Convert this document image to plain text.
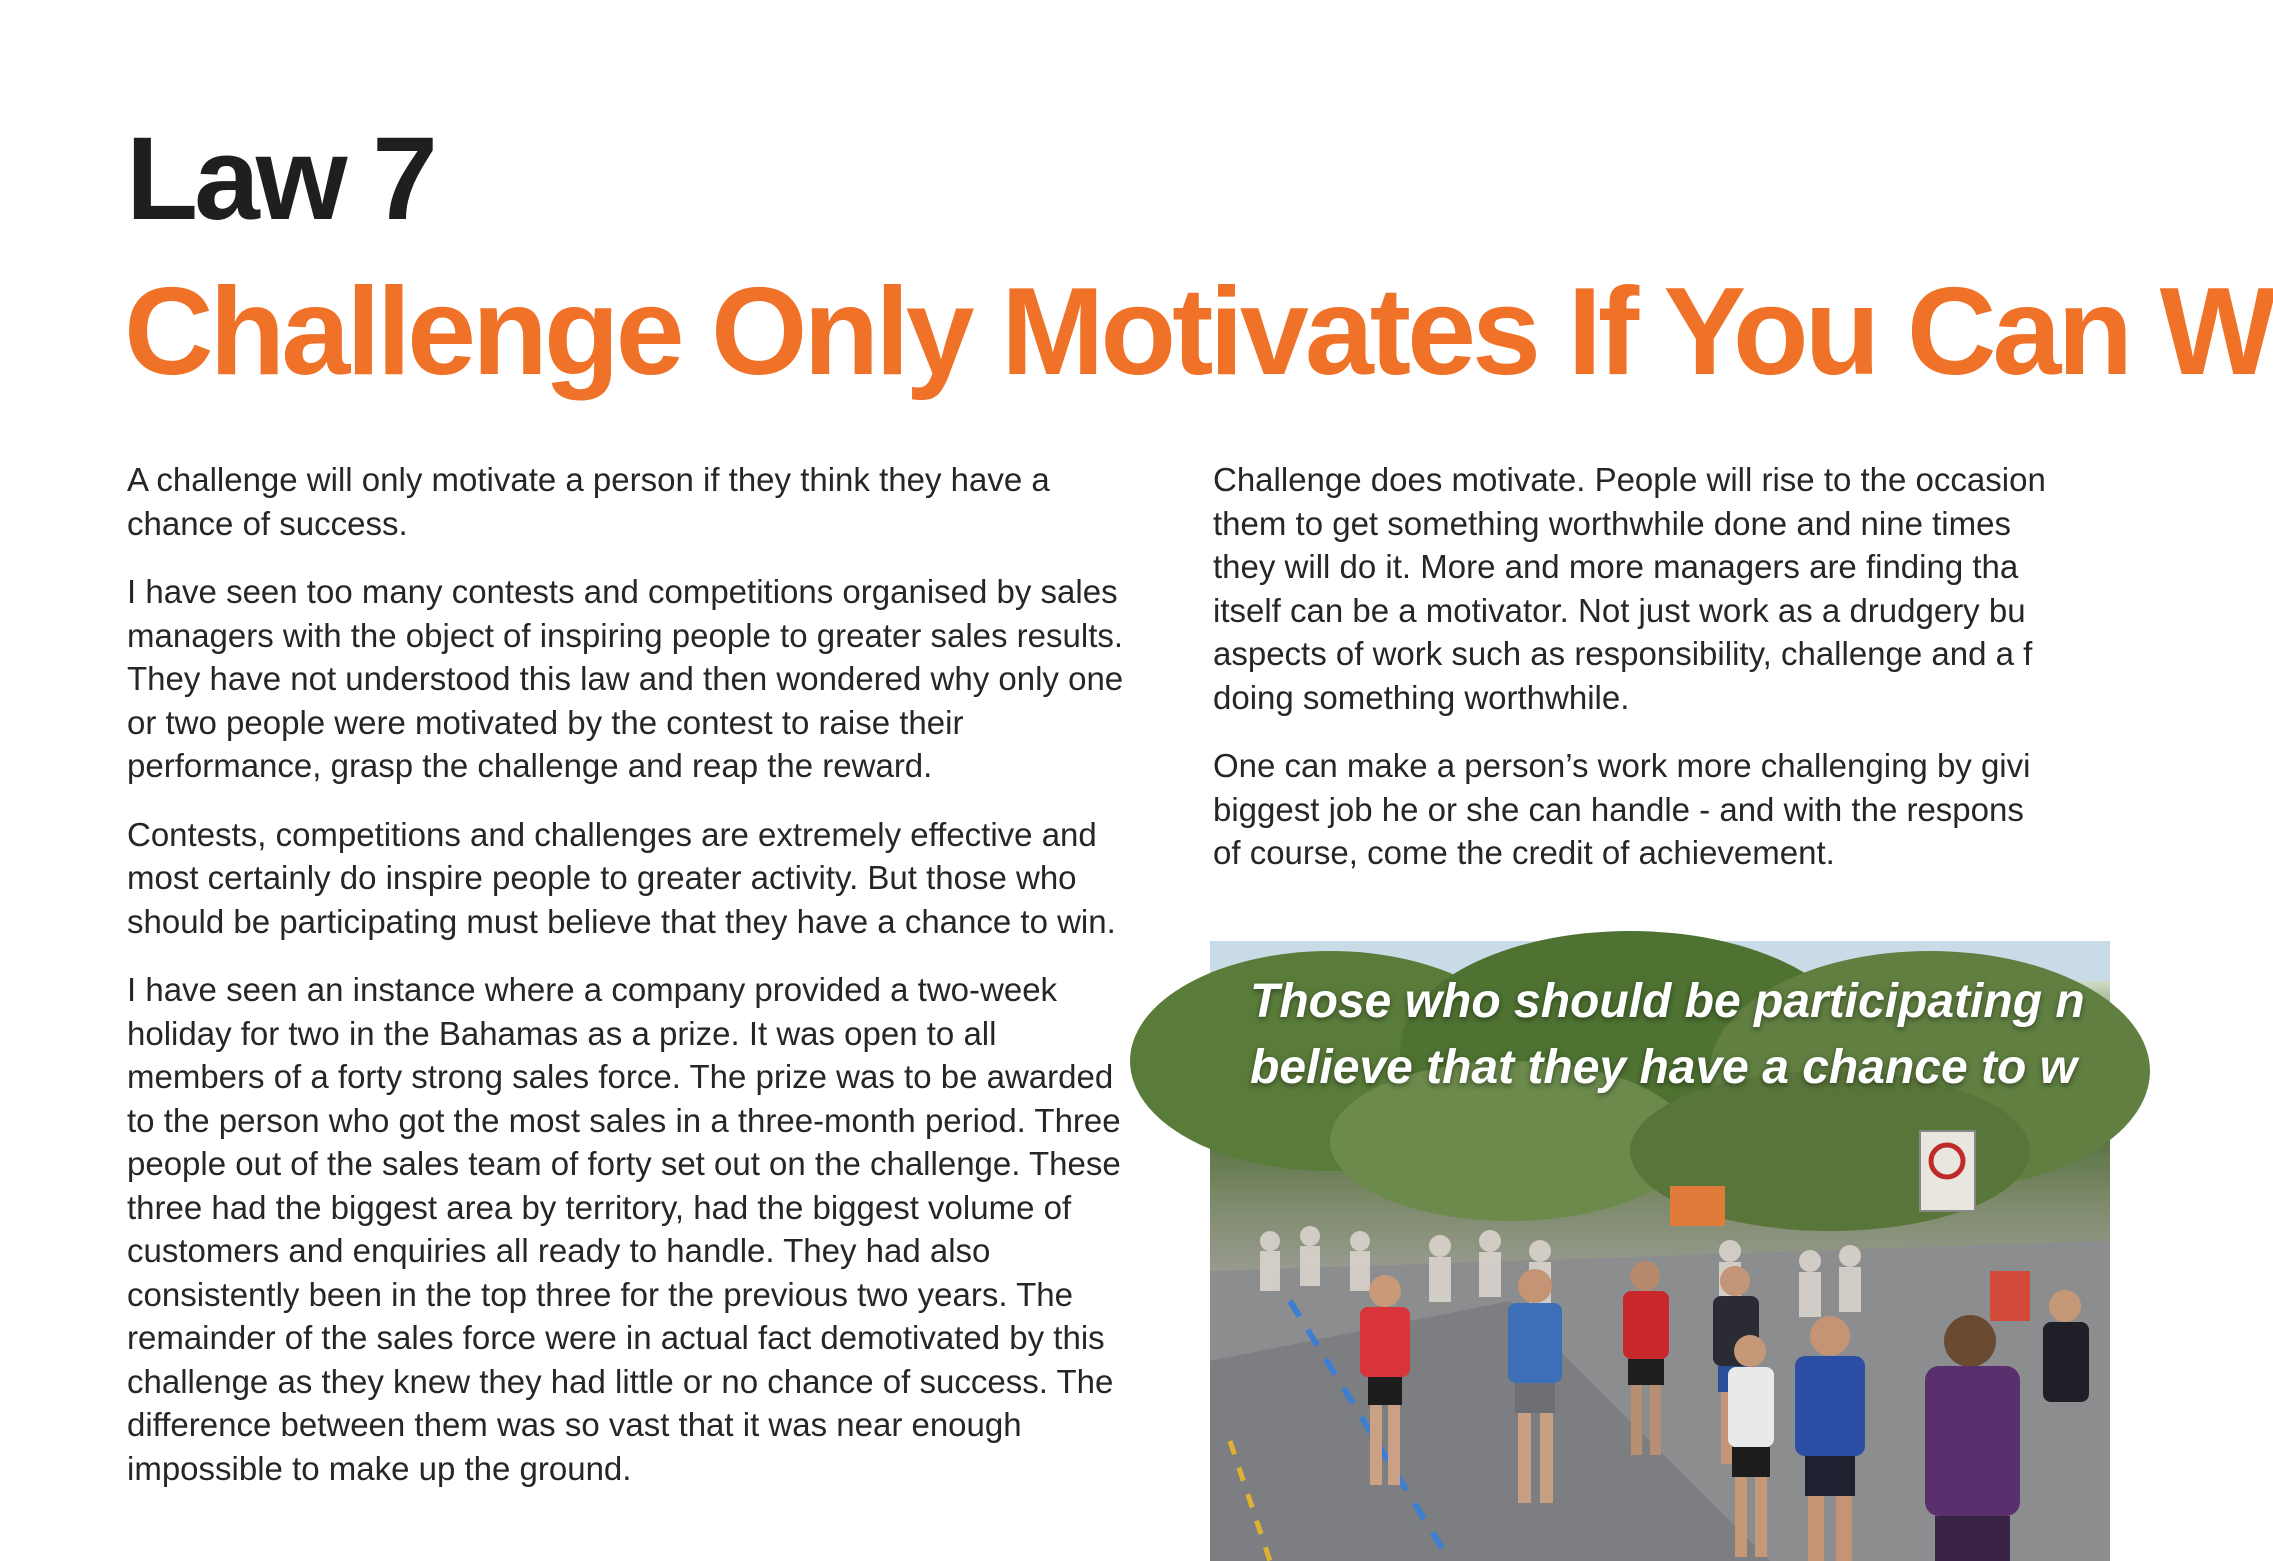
Law 7
Challenge Only Motivates If You Can W

A challenge will only motivate a person if they think they have a
chance of success.

I have seen too many contests and competitions organised by sales
managers with the object of inspiring people to greater sales results.
They have not understood this law and then wondered why only one
or two people were motivated by the contest to raise their
performance, grasp the challenge and reap the reward.

Contests, competitions and challenges are extremely effective and
most certainly do inspire people to greater activity. But those who
should be participating must believe that they have a chance to win.

I have seen an instance where a company provided a two-week
holiday for two in the Bahamas as a prize. It was open to all
members of a forty strong sales force. The prize was to be awarded
to the person who got the most sales in a three-month period. Three
people out of the sales team of forty set out on the challenge. These
three had the biggest area by territory, had the biggest volume of
customers and enquiries all ready to handle. They had also
consistently been in the top three for the previous two years. The
remainder of the sales force were in actual fact demotivated by this
challenge as they knew they had little or no chance of success. The
difference between them was so vast that it was near enough
impossible to make up the ground.

Challenge does motivate. People will rise to the occasion
them to get something worthwhile done and nine times
they will do it. More and more managers are finding tha
itself can be a motivator. Not just work as a drudgery bu
aspects of work such as responsibility, challenge and a f
doing something worthwhile.

One can make a person’s work more challenging by givi
biggest job he or she can handle - and with the respons
of course, come the credit of achievement.

Those who should be participating n
believe that they have a chance to w
